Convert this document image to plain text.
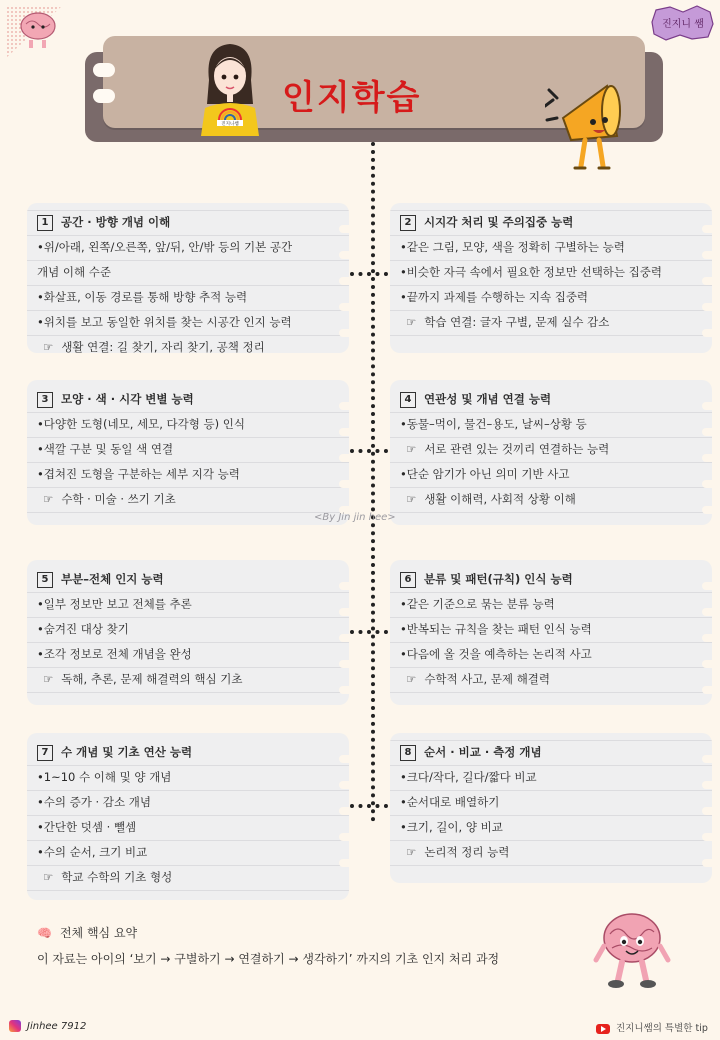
진지니 쌤
진지니쌤
인지학습
1 공간 · 방향 개념 이해
•위/아래, 왼쪽/오른쪽, 앞/뒤, 안/밖 등의 기본 공간
개념 이해 수준
•화살표, 이동 경로를 통해 방향 추적 능력
•위치를 보고 동일한 위치를 찾는 시공간 인지 능력
☞ 생활 연결: 길 찾기, 자리 찾기, 공책 정리
2 시지각 처리 및 주의집중 능력
•같은 그림, 모양, 색을 정확히 구별하는 능력
•비슷한 자극 속에서 필요한 정보만 선택하는 집중력
•끝까지 과제를 수행하는 지속 집중력
☞ 학습 연결: 글자 구별, 문제 실수 감소
3 모양 · 색 · 시각 변별 능력
•다양한 도형(네모, 세모, 다각형 등) 인식
•색깔 구분 및 동일 색 연결
•겹쳐진 도형을 구분하는 세부 지각 능력
☞ 수학 · 미술 · 쓰기 기초
4 연관성 및 개념 연결 능력
•동물–먹이, 물건–용도, 날씨–상황 등
☞ 서로 관련 있는 것끼리 연결하는 능력
•단순 암기가 아닌 의미 기반 사고
☞ 생활 이해력, 사회적 상황 이해
5 부분–전체 인지 능력
•일부 정보만 보고 전체를 추론
•숨겨진 대상 찾기
•조각 정보로 전체 개념을 완성
☞ 독해, 추론, 문제 해결력의 핵심 기초
6 분류 및 패턴(규칙) 인식 능력
•같은 기준으로 묶는 분류 능력
•반복되는 규칙을 찾는 패턴 인식 능력
•다음에 올 것을 예측하는 논리적 사고
☞ 수학적 사고, 문제 해결력
7 수 개념 및 기초 연산 능력
•1~10 수 이해 및 양 개념
•수의 증가 · 감소 개념
•간단한 덧셈 · 뺄셈
•수의 순서, 크기 비교
☞ 학교 수학의 기초 형성
8 순서 · 비교 · 측정 개념
•크다/작다, 길다/짧다 비교
•순서대로 배열하기
•크기, 길이, 양 비교
☞ 논리적 정리 능력
<By Jin jin hee>
🧠 전체 핵심 요약
이 자료는 아이의 ‘보기 → 구별하기 → 연결하기 → 생각하기’ 까지의 기초 인지 처리 과정
Jinhee 7912	진지니쌤의 특별한 tip
